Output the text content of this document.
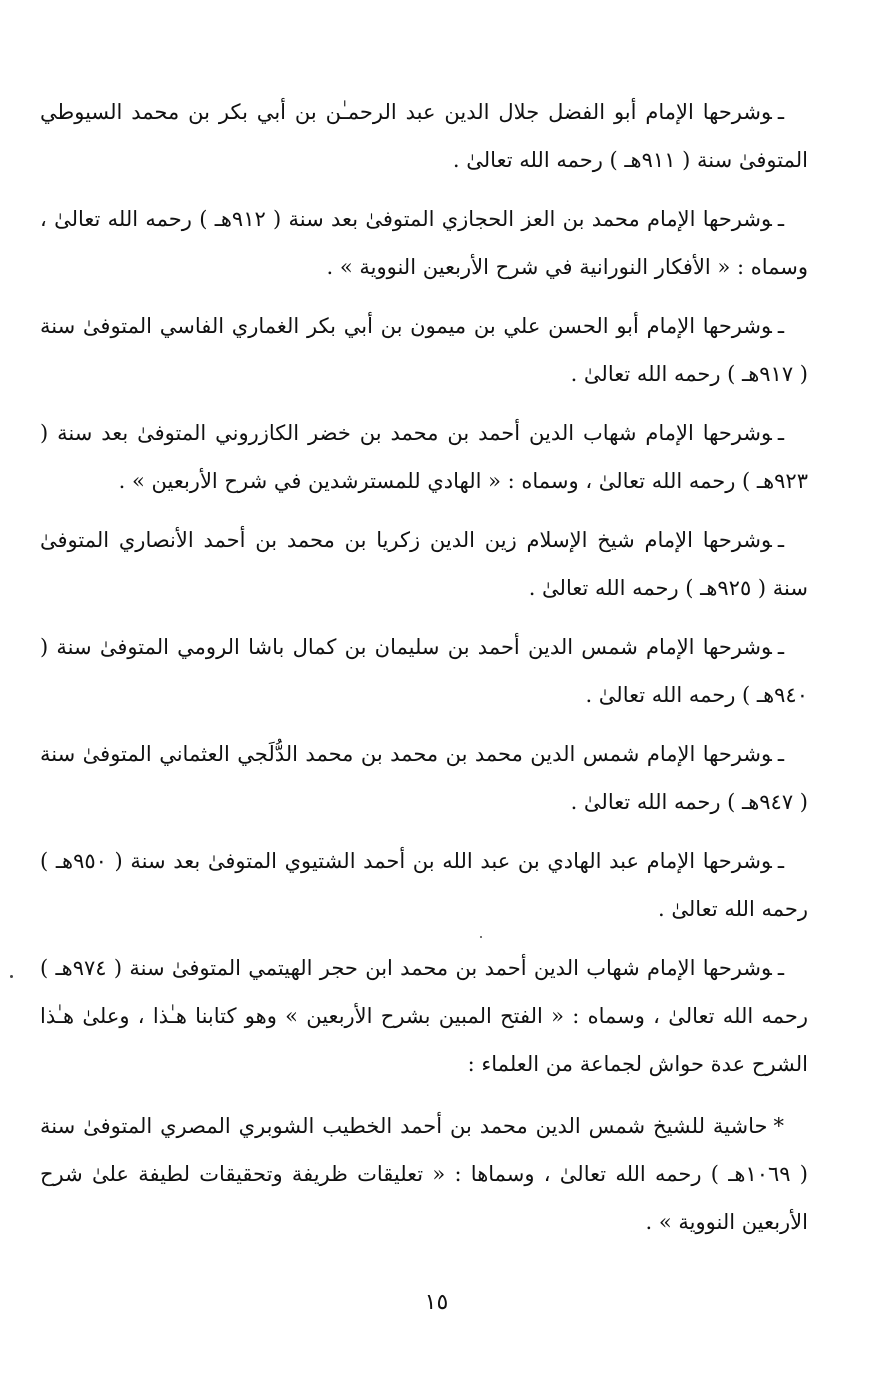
ـوشرحها الإمام أبو الفضل جلال الدين عبد الرحمـٰن بن أبي بكر بن محمد السيوطي المتوفىٰ سنة ( ٩١١هـ ) رحمه الله تعالىٰ .

ـوشرحها الإمام محمد بن العز الحجازي المتوفىٰ بعد سنة ( ٩١٢هـ ) رحمه الله تعالىٰ ، وسماه : « الأفكار النورانية في شرح الأربعين النووية » .

ـوشرحها الإمام أبو الحسن علي بن ميمون بن أبي بكر الغماري الفاسي المتوفىٰ سنة ( ٩١٧هـ ) رحمه الله تعالىٰ .

ـوشرحها الإمام شهاب الدين أحمد بن محمد بن خضر الكازروني المتوفىٰ بعد سنة ( ٩٢٣هـ ) رحمه الله تعالىٰ ، وسماه : « الهادي للمسترشدين في شرح الأربعين » .

ـوشرحها الإمام شيخ الإسلام زين الدين زكريا بن محمد بن أحمد الأنصاري المتوفىٰ سنة ( ٩٢٥هـ ) رحمه الله تعالىٰ .

ـوشرحها الإمام شمس الدين أحمد بن سليمان بن كمال باشا الرومي المتوفىٰ سنة ( ٩٤٠هـ ) رحمه الله تعالىٰ .

ـوشرحها الإمام شمس الدين محمد بن محمد بن محمد الدُّلَجي العثماني المتوفىٰ سنة ( ٩٤٧هـ ) رحمه الله تعالىٰ .

ـوشرحها الإمام عبد الهادي بن عبد الله بن أحمد الشتيوي المتوفىٰ بعد سنة ( ٩٥٠هـ ) رحمه الله تعالىٰ .

ـوشرحها الإمام شهاب الدين أحمد بن محمد ابن حجر الهيتمي المتوفىٰ سنة ( ٩٧٤هـ ) رحمه الله تعالىٰ ، وسماه : « الفتح المبين بشرح الأربعين » وهو كتابنا هـٰذا ، وعلىٰ هـٰذا الشرح عدة حواش لجماعة من العلماء :

*حاشية للشيخ شمس الدين محمد بن أحمد الخطيب الشوبري المصري المتوفىٰ سنة ( ١٠٦٩هـ ) رحمه الله تعالىٰ ، وسماها : « تعليقات ظريفة وتحقيقات لطيفة علىٰ شرح الأربعين النووية » .

١٥
